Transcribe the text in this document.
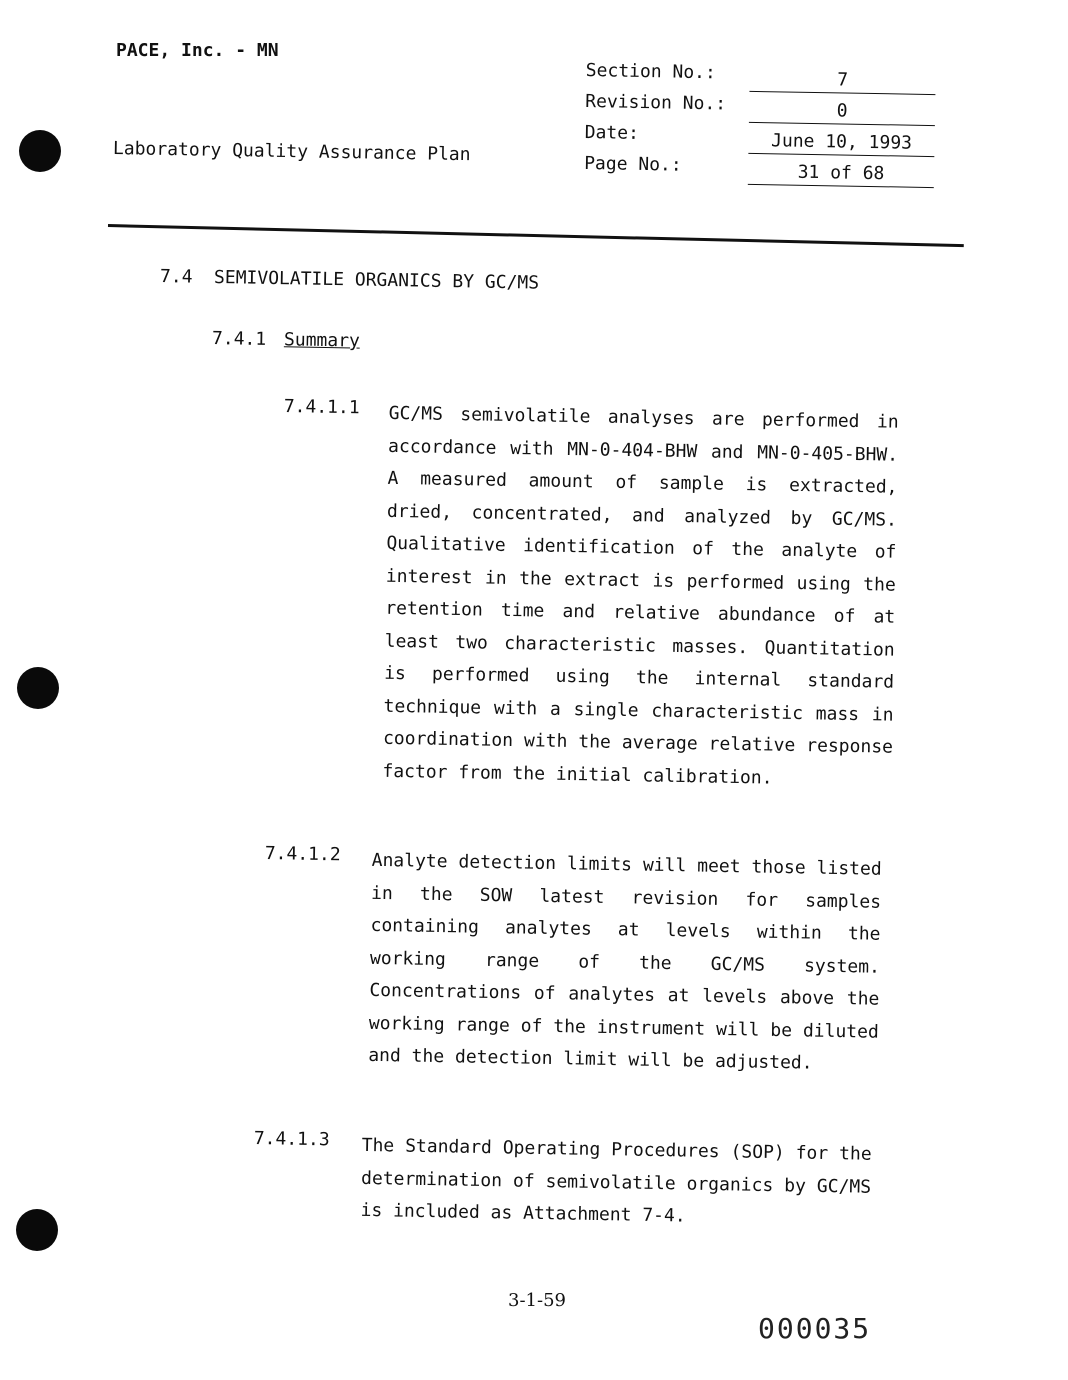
PACE, Inc. - MN
Laboratory Quality Assurance Plan
Section No.:	7
Revision No.:	0
Date:	June 10, 1993
Page No.:	31 of 68
7.4 SEMIVOLATILE ORGANICS BY GC/MS
7.4.1 Summary
7.4.1.1	GC/MS semivolatile analyses are performed in accordance with MN-0-404-BHW and MN-0-405-BHW. A measured amount of sample is extracted, dried, concentrated, and analyzed by GC/MS. Qualitative identification of the analyte of interest in the extract is performed using the retention time and relative abundance of at least two characteristic masses. Quantitation is performed using the internal standard technique with a single characteristic mass in coordination with the average relative response factor from the initial calibration.
7.4.1.2 Analyte detection limits will meet those listed in the SOW latest revision for samples containing analytes at levels within the working range of the GC/MS system. Concentrations of analytes at levels above the working range of the instrument will be diluted and the detection limit will be adjusted.
7.4.1.3 The Standard Operating Procedures (SOP) for the determination of semivolatile organics by GC/MS is included as Attachment 7-4.
3-1-59
000035
